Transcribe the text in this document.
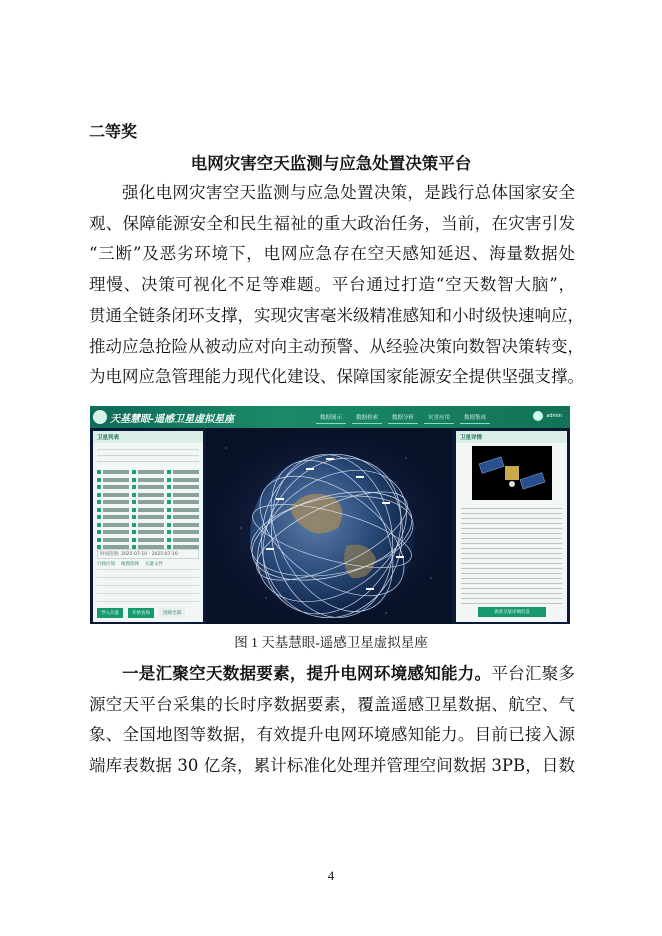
二等奖
电网灾害空天监测与应急处置决策平台
强化电网灾害空天监测与应急处置决策，是践行总体国家安全
观、保障能源安全和民生福祉的重大政治任务，当前，在灾害引发
“三断”及恶劣环境下，电网应急存在空天感知延迟、海量数据处
理慢、决策可视化不足等难题。平台通过打造“空天数智大脑”，
贯通全链条闭环支撑，实现灾害毫米级精准感知和小时级快速响应，
推动应急抢险从被动应对向主动预警、从经验决策向数智决策转变，
为电网应急管理能力现代化建设、保障国家能源安全提供坚强支撑。
天基慧眼-遥感卫星虚拟星座	数据展示	数据检索	数据分析	灾害应用	数据集成	admin
卫星列表
时间范围: 2025-07-10 - 2025-07-10
行政区划 地图选择 矢量文件
导入矢量	开始查询	清除全部
卫星详情
查看卫星详细信息
图 1 天基慧眼-遥感卫星虚拟星座
一是汇聚空天数据要素，提升电网环境感知能力。平台汇聚多
源空天平台采集的长时序数据要素，覆盖遥感卫星数据、航空、气
象、全国地图等数据，有效提升电网环境感知能力。目前已接入源
端库表数据 30 亿条，累计标准化处理并管理空间数据 3PB，日数
4
